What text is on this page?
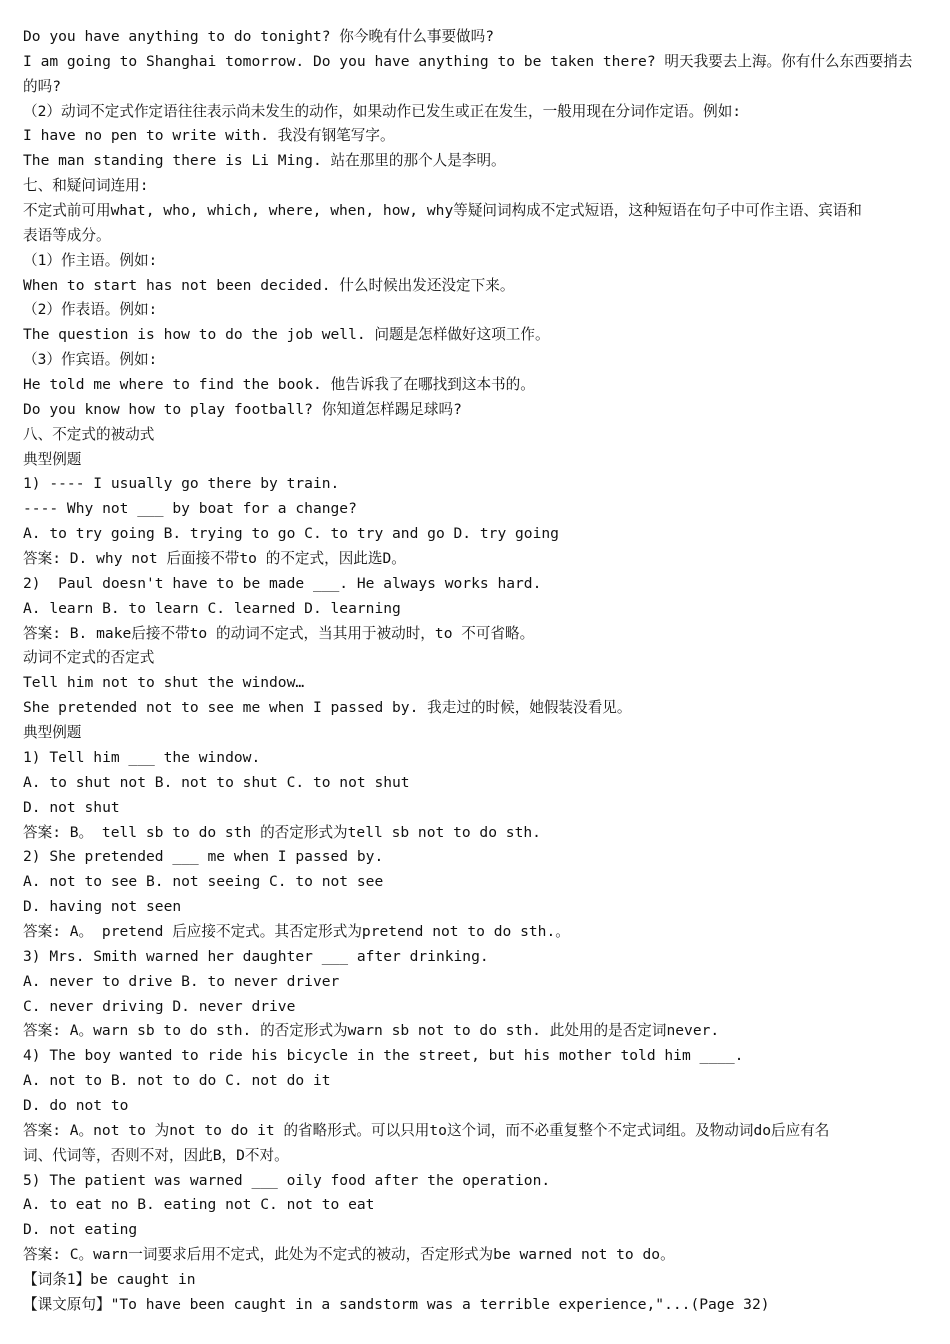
Do you have anything to do tonight? 你今晚有什么事要做吗?
I am going to Shanghai tomorrow. Do you have anything to be taken there? 明天我要去上海。你有什么东西要捎去
的吗?
（2）动词不定式作定语往往表示尚未发生的动作，如果动作已发生或正在发生，一般用现在分词作定语。例如:
I have no pen to write with. 我没有钢笔写字。
The man standing there is Li Ming. 站在那里的那个人是李明。
七、和疑问词连用:
不定式前可用what, who, which, where, when, how, why等疑问词构成不定式短语，这种短语在句子中可作主语、宾语和
表语等成分。
（1）作主语。例如:
When to start has not been decided. 什么时候出发还没定下来。
（2）作表语。例如:
The question is how to do the job well. 问题是怎样做好这项工作。
（3）作宾语。例如:
He told me where to find the book. 他告诉我了在哪找到这本书的。
Do you know how to play football? 你知道怎样踢足球吗?
八、不定式的被动式
典型例题
1) ---- I usually go there by train.
---- Why not ___ by boat for a change?
A. to try going B. trying to go C. to try and go D. try going
答案: D. why not 后面接不带to 的不定式，因此选D。
2)  Paul doesn't have to be made ___. He always works hard.
A. learn B. to learn C. learned D. learning
答案: B. make后接不带to 的动词不定式，当其用于被动时，to 不可省略。
动词不定式的否定式
Tell him not to shut the window…
She pretended not to see me when I passed by. 我走过的时候，她假装没看见。
典型例题
1) Tell him ___ the window.
A. to shut not B. not to shut C. to not shut
D. not shut
答案: B。 tell sb to do sth 的否定形式为tell sb not to do sth.
2) She pretended ___ me when I passed by.
A. not to see B. not seeing C. to not see
D. having not seen
答案: A。 pretend 后应接不定式。其否定形式为pretend not to do sth.。
3) Mrs. Smith warned her daughter ___ after drinking.
A. never to drive B. to never driver
C. never driving D. never drive
答案: A。warn sb to do sth. 的否定形式为warn sb not to do sth. 此处用的是否定词never.
4) The boy wanted to ride his bicycle in the street, but his mother told him ____.
A. not to B. not to do C. not do it
D. do not to
答案: A。not to 为not to do it 的省略形式。可以只用to这个词，而不必重复整个不定式词组。及物动词do后应有名
词、代词等，否则不对，因此B，D不对。
5) The patient was warned ___ oily food after the operation.
A. to eat no B. eating not C. not to eat
D. not eating
答案: C。warn一词要求后用不定式，此处为不定式的被动，否定形式为be warned not to do。
【词条1】be caught in
【课文原句】"To have been caught in a sandstorm was a terrible experience,"...(Page 32)
